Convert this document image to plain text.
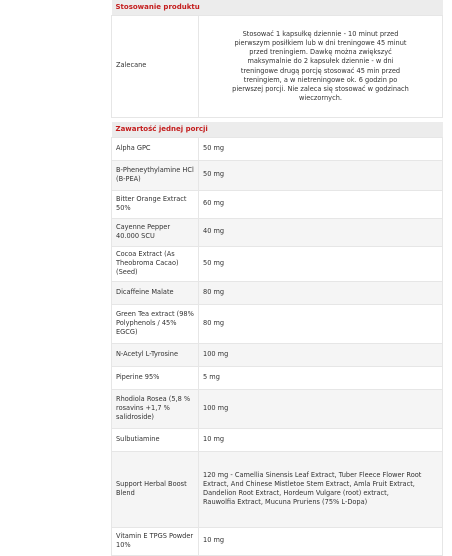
Stosowanie produktu	
Zalecane	Stosować 1 kapsułkę dziennie - 10 minut przed pierwszym posiłkiem lub w dni treningowe 45 minut przed treningiem. Dawkę można zwiększyć maksymalnie do 2 kapsułek dziennie - w dni treningowe drugą porcję stosować 45 min przed treningiem, a w nietreningowe ok. 6 godzin po pierwszej porcji. Nie zaleca się stosować w godzinach wieczornych.

Zawartość jednej porcji	
Alpha GPC	50 mg
Β-Pheneythylamine HCl (B-PEA)	50 mg
Bitter Orange Extract 50%	60 mg
Cayenne Pepper 40.000 SCU	40 mg
Cocoa Extract (As Theobroma Cacao) (Seed)	50 mg
Dicaffeine Malate	80 mg
Green Tea extract (98% Polyphenols / 45% EGCG)	80 mg
N-Acetyl L-Tyrosine	100 mg
Piperine 95%	5 mg
Rhodiola Rosea (5,8 % rosavins +1,7 % salidroside)	100 mg
Sulbutiamine	10 mg
Support Herbal Boost Blend	120 mg - Camellia Sinensis Leaf Extract, Tuber Fleece Flower Root Extract, And Chinese Mistletoe Stem Extract, Amla Fruit Extract, Dandelion Root Extract, Hordeum Vulgare (root) extract, Rauwolfia Extract, Mucuna Pruriens (75% L-Dopa)
Vitamin E TPGS Powder 10%	10 mg
